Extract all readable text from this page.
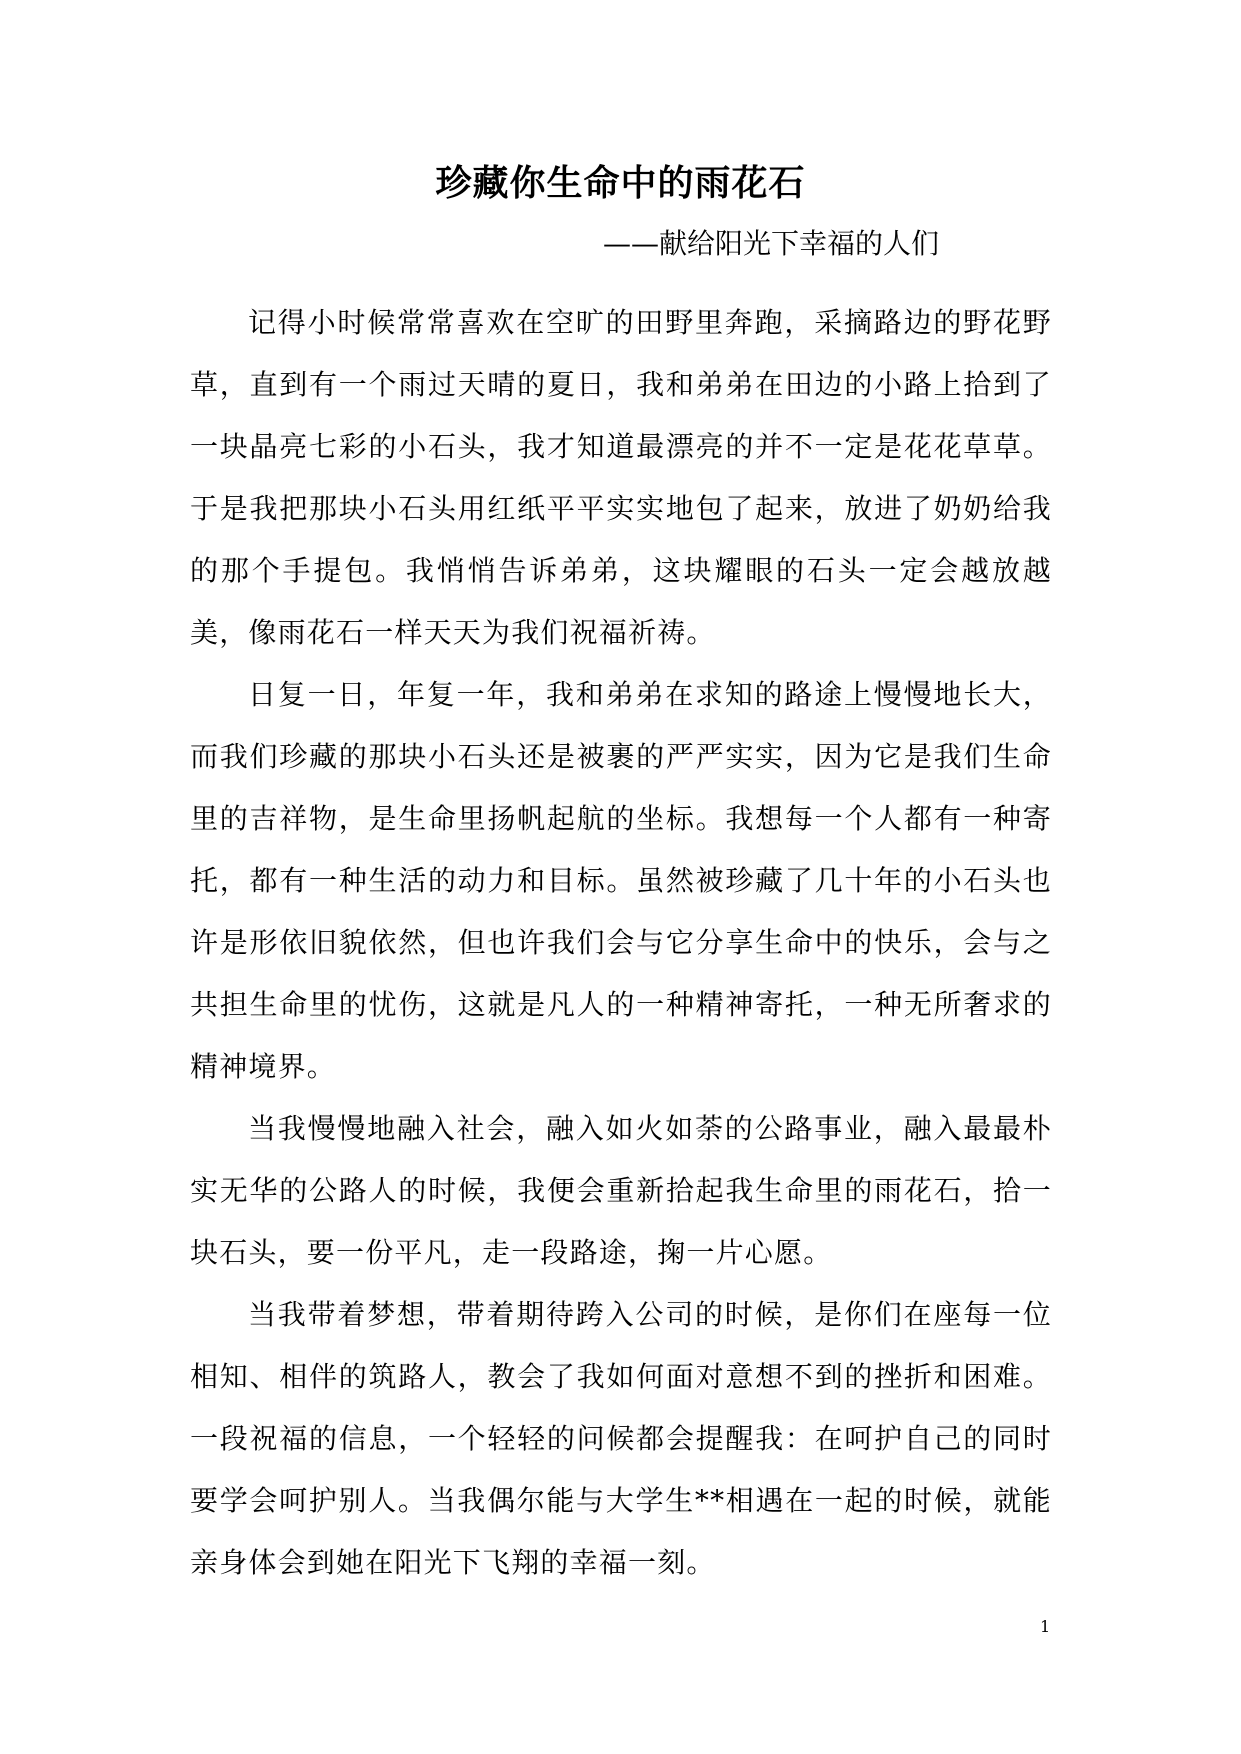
珍藏你生命中的雨花石

——献给阳光下幸福的人们

记得小时候常常喜欢在空旷的田野里奔跑，采摘路边的野花野草，直到有一个雨过天晴的夏日，我和弟弟在田边的小路上拾到了一块晶亮七彩的小石头，我才知道最漂亮的并不一定是花花草草。于是我把那块小石头用红纸平平实实地包了起来，放进了奶奶给我的那个手提包。我悄悄告诉弟弟，这块耀眼的石头一定会越放越美，像雨花石一样天天为我们祝福祈祷。

日复一日，年复一年，我和弟弟在求知的路途上慢慢地长大，而我们珍藏的那块小石头还是被裹的严严实实，因为它是我们生命里的吉祥物，是生命里扬帆起航的坐标。我想每一个人都有一种寄托，都有一种生活的动力和目标。虽然被珍藏了几十年的小石头也许是形依旧貌依然，但也许我们会与它分享生命中的快乐，会与之共担生命里的忧伤，这就是凡人的一种精神寄托，一种无所奢求的精神境界。

当我慢慢地融入社会，融入如火如荼的公路事业，融入最最朴实无华的公路人的时候，我便会重新拾起我生命里的雨花石，拾一块石头，要一份平凡，走一段路途，掬一片心愿。

当我带着梦想，带着期待跨入公司的时候，是你们在座每一位相知、相伴的筑路人，教会了我如何面对意想不到的挫折和困难。一段祝福的信息，一个轻轻的问候都会提醒我：在呵护自己的同时要学会呵护别人。当我偶尔能与大学生**相遇在一起的时候，就能亲身体会到她在阳光下飞翔的幸福一刻。

1
